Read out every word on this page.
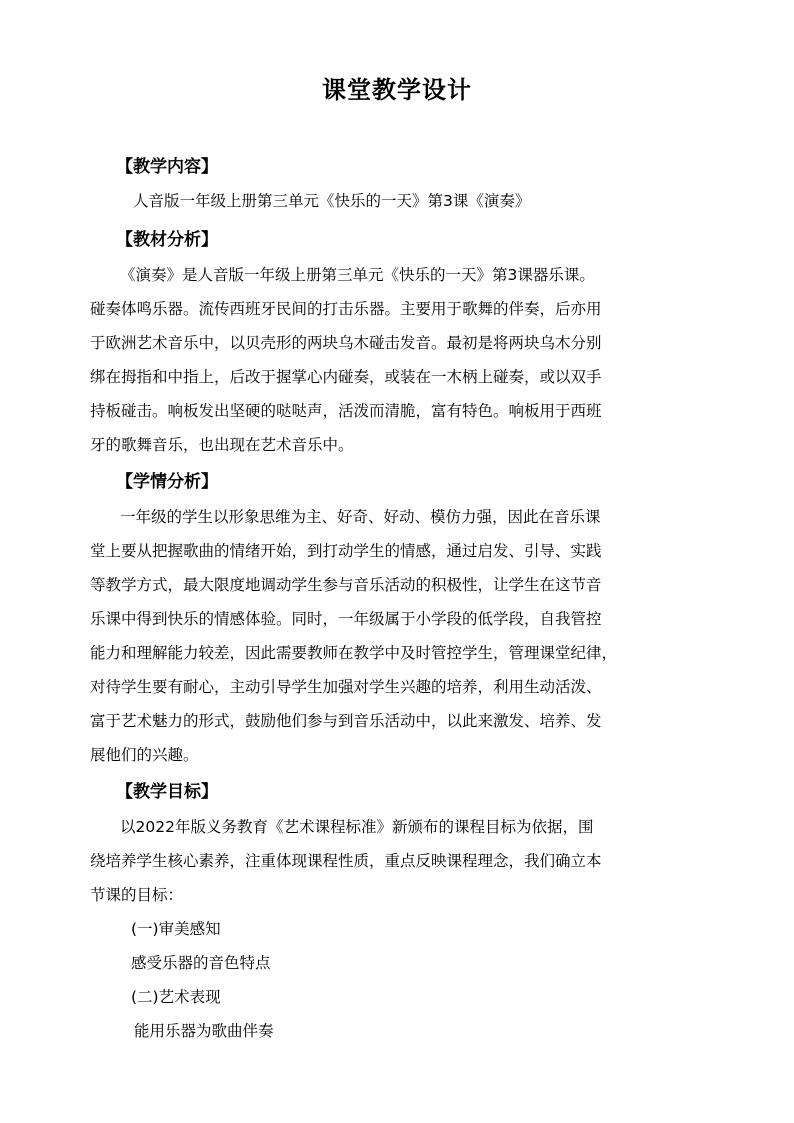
课堂教学设计
【教学内容】
人音版一年级上册第三单元《快乐的一天》第3课《演奏》
【教材分析】
《演奏》是人音版一年级上册第三单元《快乐的一天》第3课器乐课。
碰奏体鸣乐器。流传西班牙民间的打击乐器。主要用于歌舞的伴奏，后亦用
于欧洲艺术音乐中，以贝壳形的两块乌木碰击发音。最初是将两块乌木分别
绑在拇指和中指上，后改于握掌心内碰奏，或装在一木柄上碰奏，或以双手
持板碰击。响板发出坚硬的哒哒声，活泼而清脆，富有特色。响板用于西班
牙的歌舞音乐，也出现在艺术音乐中。
【学情分析】
一年级的学生以形象思维为主、好奇、好动、模仿力强，因此在音乐课
堂上要从把握歌曲的情绪开始，到打动学生的情感，通过启发、引导、实践
等教学方式，最大限度地调动学生参与音乐活动的积极性，让学生在这节音
乐课中得到快乐的情感体验。同时，一年级属于小学段的低学段，自我管控
能力和理解能力较差，因此需要教师在教学中及时管控学生，管理课堂纪律，
对待学生要有耐心，主动引导学生加强对学生兴趣的培养，利用生动活泼、
富于艺术魅力的形式，鼓励他们参与到音乐活动中，以此来激发、培养、发
展他们的兴趣。
【教学目标】
以2022年版义务教育《艺术课程标准》新颁布的课程目标为依据，围
绕培养学生核心素养，注重体现课程性质，重点反映课程理念，我们确立本
节课的目标：
(一)审美感知
感受乐器的音色特点
(二)艺术表现
能用乐器为歌曲伴奏
